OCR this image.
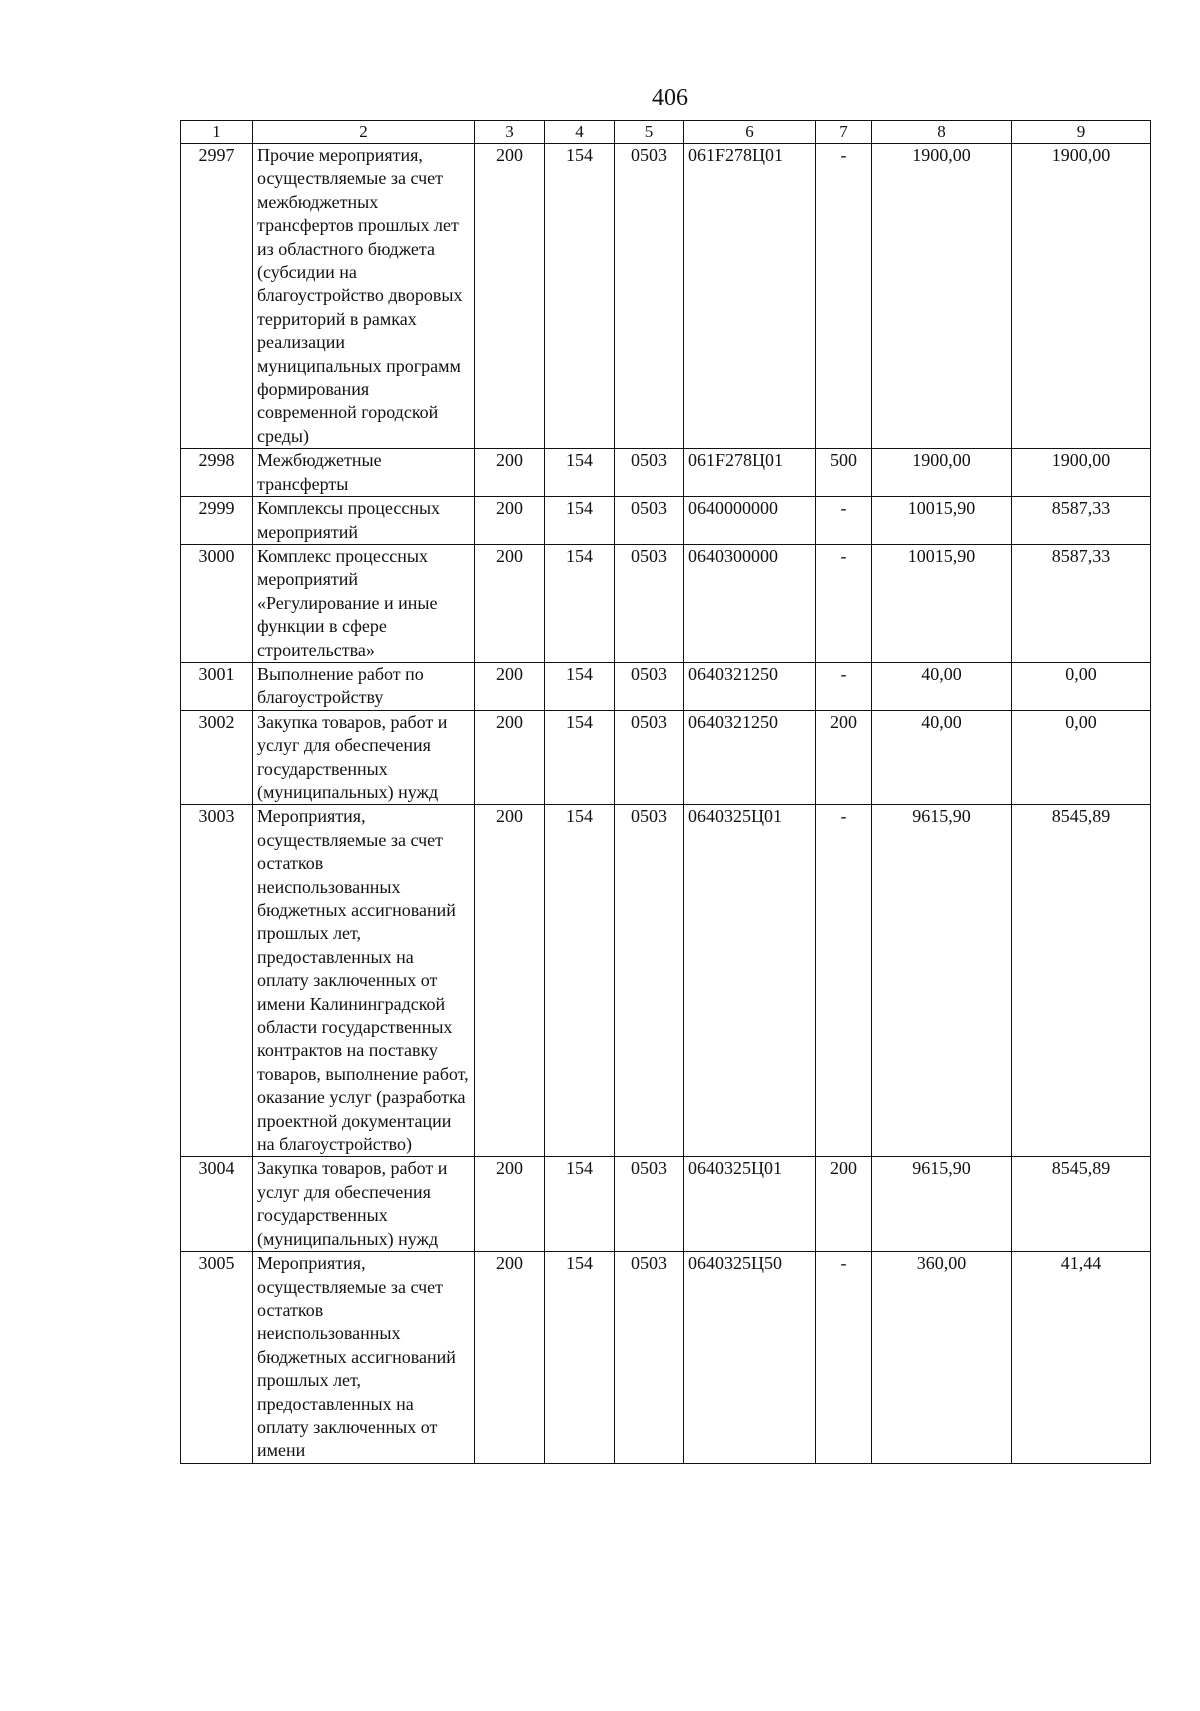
406
1	2	3	4	5	6	7	8	9
2997	Прочие мероприятия, осуществляемые за счет межбюджетных трансфертов прошлых лет из областного бюджета (субсидии на благоустройство дворовых территорий в рамках реализации муниципальных программ формирования современной городской среды)	200	154	0503	061F278Ц01	-	1900,00	1900,00
2998	Межбюджетные трансферты	200	154	0503	061F278Ц01	500	1900,00	1900,00
2999	Комплексы процессных мероприятий	200	154	0503	0640000000	-	10015,90	8587,33
3000	Комплекс процессных мероприятий «Регулирование и иные функции в сфере строительства»	200	154	0503	0640300000	-	10015,90	8587,33
3001	Выполнение работ по благоустройству	200	154	0503	0640321250	-	40,00	0,00
3002	Закупка товаров, работ и услуг для обеспечения государственных (муниципальных) нужд	200	154	0503	0640321250	200	40,00	0,00
3003	Мероприятия, осуществляемые за счет остатков неиспользованных бюджетных ассигнований прошлых лет, предоставленных на оплату заключенных от имени Калининградской области государственных контрактов на поставку товаров, выполнение работ, оказание услуг (разработка проектной документации на благоустройство)	200	154	0503	0640325Ц01	-	9615,90	8545,89
3004	Закупка товаров, работ и услуг для обеспечения государственных (муниципальных) нужд	200	154	0503	0640325Ц01	200	9615,90	8545,89
3005	Мероприятия, осуществляемые за счет остатков неиспользованных бюджетных ассигнований прошлых лет, предоставленных на оплату заключенных от имени	200	154	0503	0640325Ц50	-	360,00	41,44
